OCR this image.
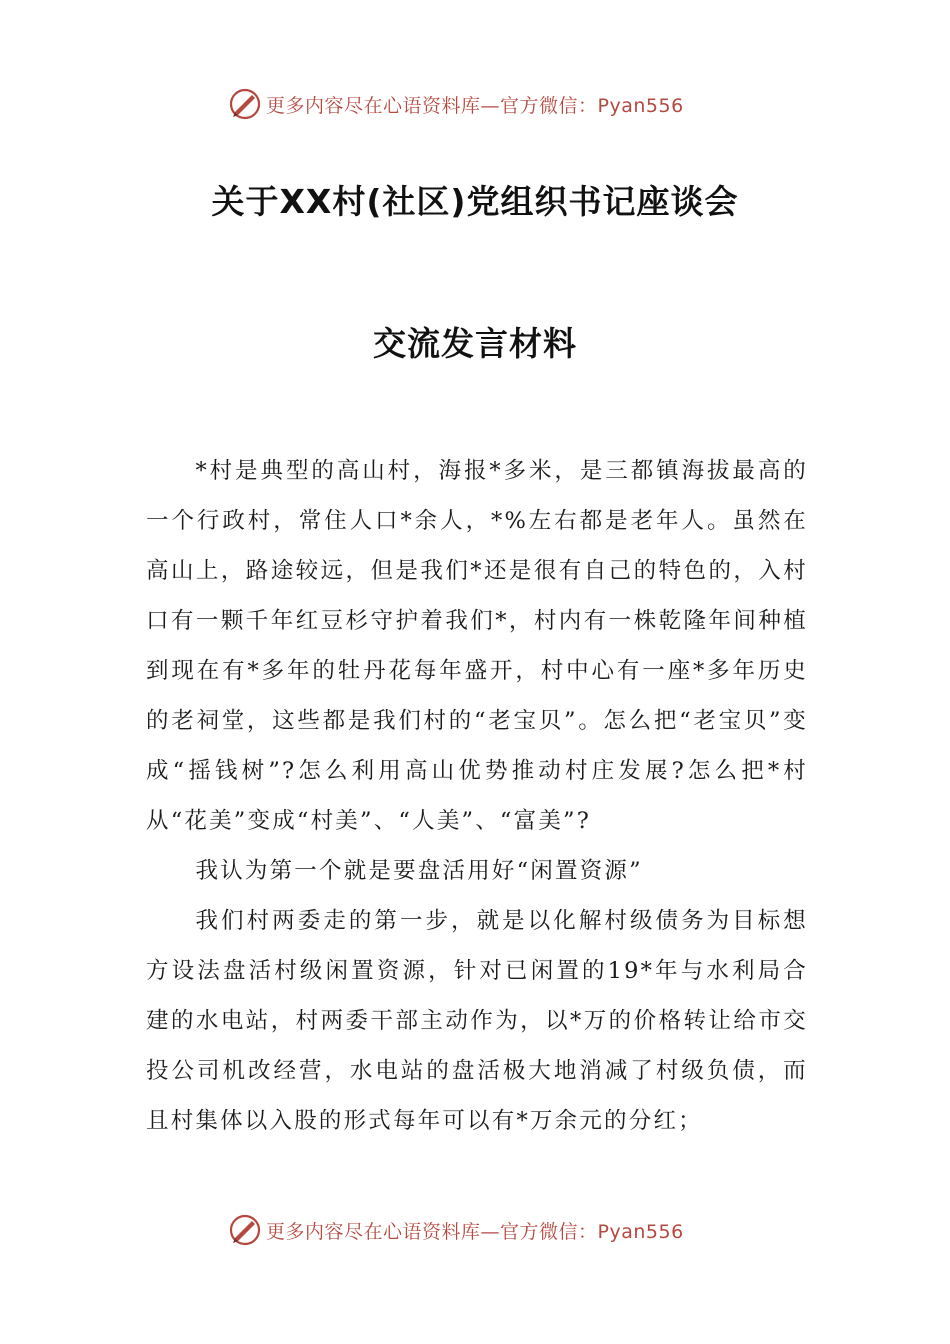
更多内容尽在心语资料库—官方微信：Pyan556
关于XX村(社区)党组织书记座谈会
交流发言材料

*村是典型的高山村，海报*多米，是三都镇海拔最高的一个行政村，常住人口*余人，*%左右都是老年人。虽然在高山上，路途较远，但是我们*还是很有自己的特色的，入村口有一颗千年红豆杉守护着我们*，村内有一株乾隆年间种植到现在有*多年的牡丹花每年盛开，村中心有一座*多年历史的老祠堂，这些都是我们村的“老宝贝”。怎么把“老宝贝”变成“摇钱树”?怎么利用高山优势推动村庄发展?怎么把*村从“花美”变成“村美”、“人美”、“富美”?

我认为第一个就是要盘活用好“闲置资源”

我们村两委走的第一步，就是以化解村级债务为目标想方设法盘活村级闲置资源，针对已闲置的19*年与水利局合建的水电站，村两委干部主动作为，以*万的价格转让给市交投公司机改经营，水电站的盘活极大地消减了村级负债，而且村集体以入股的形式每年可以有*万余元的分红；

更多内容尽在心语资料库—官方微信：Pyan556
